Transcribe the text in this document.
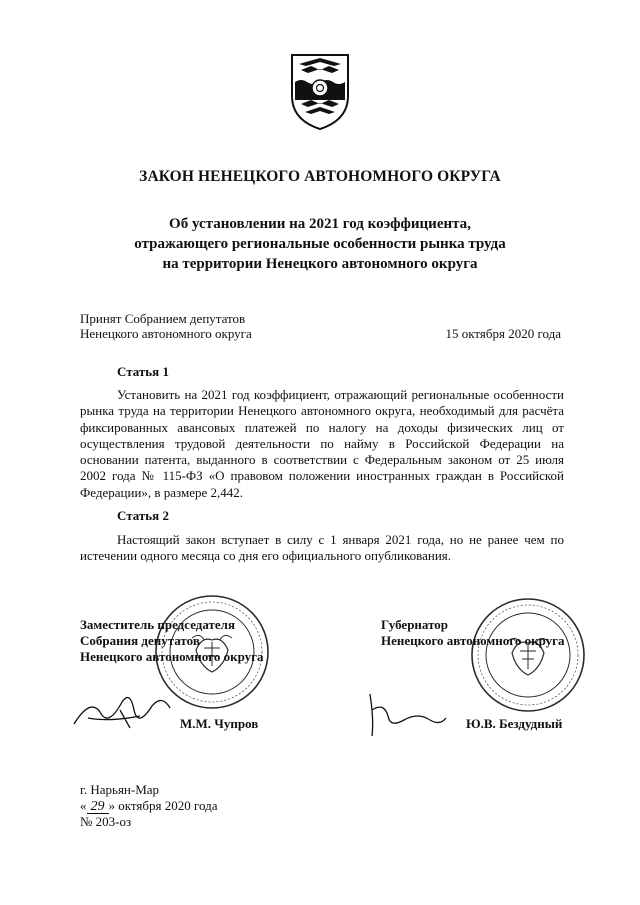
ЗАКОН НЕНЕЦКОГО АВТОНОМНОГО ОКРУГА
Об установлении на 2021 год коэффициента,
отражающего региональные особенности рынка труда
на территории Ненецкого автономного округа
Принят Собранием депутатов
Ненецкого автономного округа	15 октября 2020 года
Статья 1
Установить на 2021 год коэффициент, отражающий региональные особенности рынка труда на территории Ненецкого автономного округа, необходимый для расчёта фиксированных авансовых платежей по налогу на доходы физических лиц от осуществления трудовой деятельности по найму в Российской Федерации на основании патента, выданного в соответствии с Федеральным законом от 25 июля 2002 года № 115-ФЗ «О правовом положении иностранных граждан в Российской Федерации», в размере 2,442.
Статья 2
Настоящий закон вступает в силу с 1 января 2021 года, но не ранее чем по истечении одного месяца со дня его официального опубликования.
Заместитель председателя
Собрания депутатов
Ненецкого автономного округа
М.М. Чупров
Губернатор
Ненецкого автономного округа
Ю.В. Бездудный
г. Нарьян-Мар
« 29 » октября 2020 года
№ 203-оз
